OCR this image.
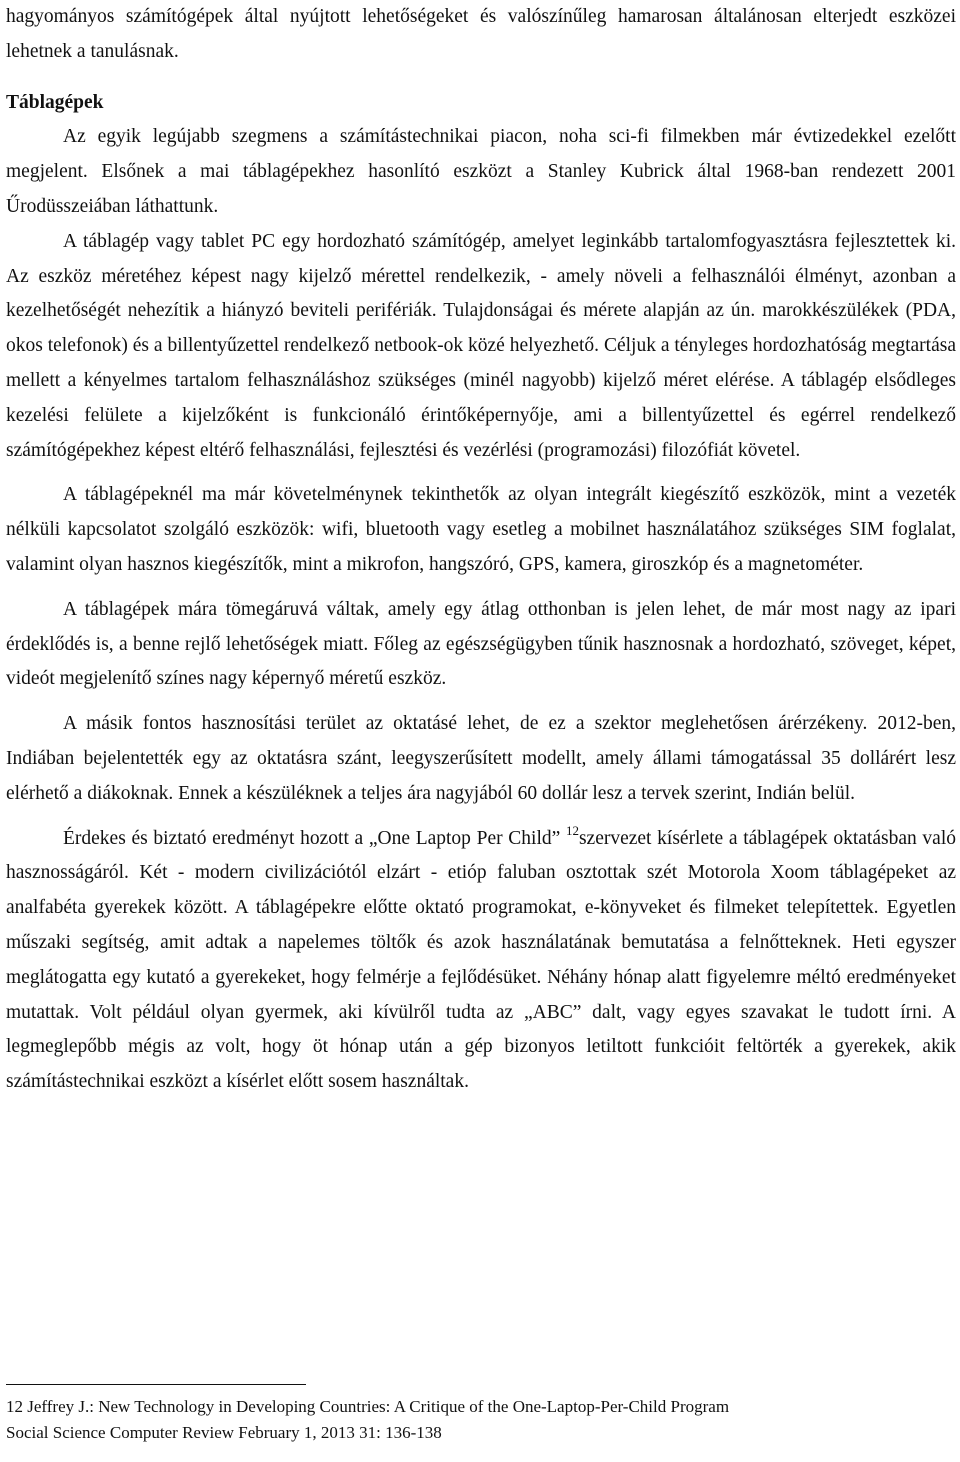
hagyományos számítógépek által nyújtott lehetőségeket és valószínűleg hamarosan általánosan elterjedt eszközei lehetnek a tanulásnak.

Táblagépek

Az egyik legújabb szegmens a számítástechnikai piacon, noha sci-fi filmekben már évtizedekkel ezelőtt megjelent. Elsőnek a mai táblagépekhez hasonlító eszközt a Stanley Kubrick által 1968-ban rendezett 2001 Űrodüsszeiában láthattunk.

A táblagép vagy tablet PC egy hordozható számítógép, amelyet leginkább tartalomfogyasztásra fejlesztettek ki. Az eszköz méretéhez képest nagy kijelző mérettel rendelkezik, - amely növeli a felhasználói élményt, azonban a kezelhetőségét nehezítik a hiányzó beviteli perifériák. Tulajdonságai és mérete alapján az ún. marokkészülékek (PDA, okos telefonok) és a billentyűzettel rendelkező netbook-ok közé helyezhető. Céljuk a tényleges hordozhatóság megtartása mellett a kényelmes tartalom felhasználáshoz szükséges (minél nagyobb) kijelző méret elérése. A táblagép elsődleges kezelési felülete a kijelzőként is funkcionáló érintőképernyője, ami a billentyűzettel és egérrel rendelkező számítógépekhez képest eltérő felhasználási, fejlesztési és vezérlési (programozási) filozófiát követel.

A táblagépeknél ma már követelménynek tekinthetők az olyan integrált kiegészítő eszközök, mint a vezeték nélküli kapcsolatot szolgáló eszközök: wifi, bluetooth vagy esetleg a mobilnet használatához szükséges SIM foglalat, valamint olyan hasznos kiegészítők, mint a mikrofon, hangszóró, GPS, kamera, giroszkóp és a magnetométer.

A táblagépek mára tömegáruvá váltak, amely egy átlag otthonban is jelen lehet, de már most nagy az ipari érdeklődés is, a benne rejlő lehetőségek miatt. Főleg az egészségügyben tűnik hasznosnak a hordozható, szöveget, képet, videót megjelenítő színes nagy képernyő méretű eszköz.

A másik fontos hasznosítási terület az oktatásé lehet, de ez a szektor meglehetősen árérzékeny. 2012-ben, Indiában bejelentették egy az oktatásra szánt, leegyszerűsített modellt, amely állami támogatással 35 dollárért lesz elérhető a diákoknak. Ennek a készüléknek a teljes ára nagyjából 60 dollár lesz a tervek szerint, Indián belül.

Érdekes és biztató eredményt hozott a „One Laptop Per Child” $^{12}$szervezet kísérlete a táblagépek oktatásban való hasznosságáról. Két - modern civilizációtól elzárt - etióp faluban osztottak szét Motorola Xoom táblagépeket az analfabéta gyerekek között. A táblagépekre előtte oktató programokat, e-könyveket és filmeket telepítettek. Egyetlen műszaki segítség, amit adtak a napelemes töltők és azok használatának bemutatása a felnőtteknek. Heti egyszer meglátogatta egy kutató a gyerekeket, hogy felmérje a fejlődésüket. Néhány hónap alatt figyelemre méltó eredményeket mutattak. Volt például olyan gyermek, aki kívülről tudta az „ABC” dalt, vagy egyes szavakat le tudott írni. A legmeglepőbb mégis az volt, hogy öt hónap után a gép bizonyos letiltott funkcióit feltörték a gyerekek, akik számítástechnikai eszközt a kísérlet előtt sosem használtak.

12 Jeffrey J.: New Technology in Developing Countries: A Critique of the One-Laptop-Per-Child Program

Social Science Computer Review February 1, 2013 31: 136-138
